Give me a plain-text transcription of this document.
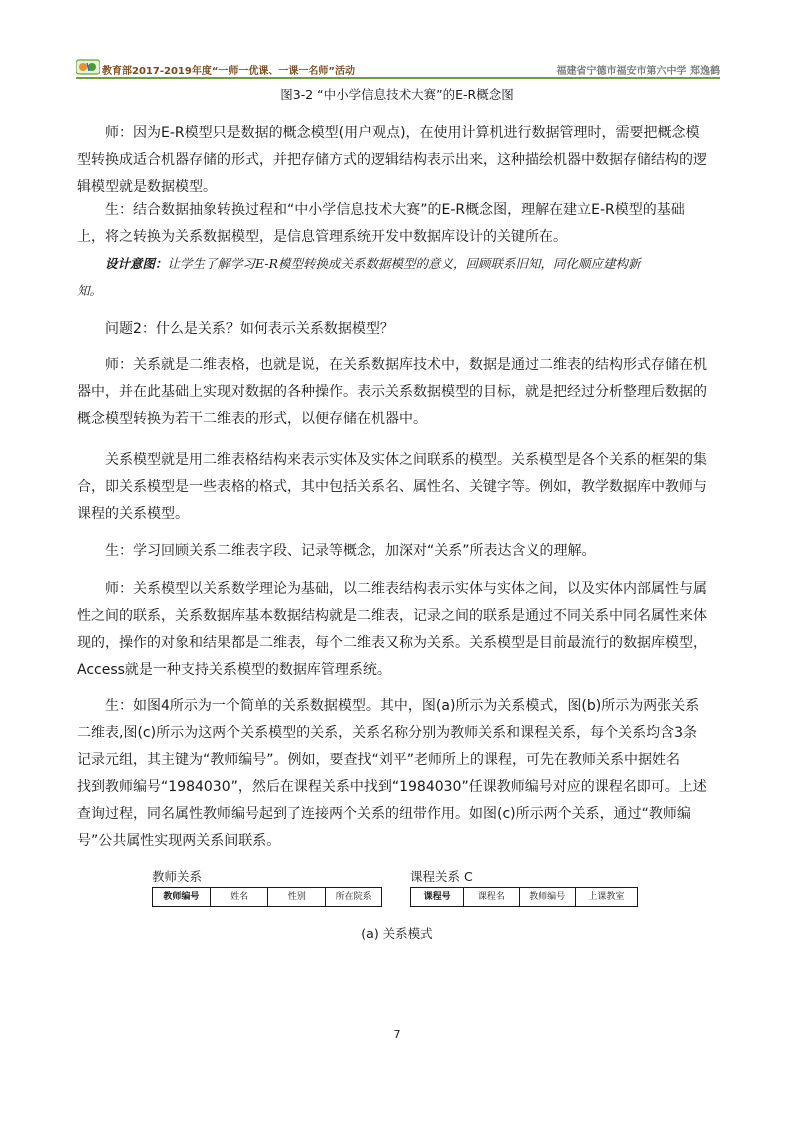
教育部2017-2019年度“一师一优课、一课一名师”活动	福建省宁德市福安市第六中学 郑逸鹤
图3-2 “中小学信息技术大赛”的E-R概念图
师：因为E-R模型只是数据的概念模型(用户观点)，在使用计算机进行数据管理时，需要把概念模
型转换成适合机器存储的形式，并把存储方式的逻辑结构表示出来，这种描绘机器中数据存储结构的逻
辑模型就是数据模型。
生：结合数据抽象转换过程和“中小学信息技术大赛”的E-R概念图，理解在建立E-R模型的基础
上，将之转换为关系数据模型，是信息管理系统开发中数据库设计的关键所在。
设计意图：让学生了解学习E-R模型转换成关系数据模型的意义，回顾联系旧知，同化顺应建构新
知。
问题2：什么是关系？如何表示关系数据模型？
师：关系就是二维表格，也就是说，在关系数据库技术中，数据是通过二维表的结构形式存储在机
器中，并在此基础上实现对数据的各种操作。表示关系数据模型的目标，就是把经过分析整理后数据的
概念模型转换为若干二维表的形式，以便存储在机器中。
关系模型就是用二维表格结构来表示实体及实体之间联系的模型。关系模型是各个关系的框架的集
合，即关系模型是一些表格的格式，其中包括关系名、属性名、关键字等。例如，教学数据库中教师与
课程的关系模型。
生：学习回顾关系二维表字段、记录等概念，加深对“关系”所表达含义的理解。
师：关系模型以关系数学理论为基础，以二维表结构表示实体与实体之间，以及实体内部属性与属
性之间的联系，关系数据库基本数据结构就是二维表，记录之间的联系是通过不同关系中同名属性来体
现的，操作的对象和结果都是二维表，每个二维表又称为关系。关系模型是目前最流行的数据库模型，
Access就是一种支持关系模型的数据库管理系统。
生：如图4所示为一个简单的关系数据模型。其中，图(a)所示为关系模式，图(b)所示为两张关系
二维表,图(c)所示为这两个关系模型的关系，关系名称分别为教师关系和课程关系，每个关系均含3条
记录元组，其主键为“教师编号”。例如，要查找“刘平”老师所上的课程，可先在教师关系中据姓名
找到教师编号“1984030”，然后在课程关系中找到“1984030”任课教师编号对应的课程名即可。上述
查询过程，同名属性教师编号起到了连接两个关系的纽带作用。如图(c)所示两个关系，通过“教师编
号”公共属性实现两关系间联系。
教师关系
教师编号	姓名	性别	所在院系
课程关系 C
课程号	课程名	教师编号	上课教室
(a) 关系模式
7
